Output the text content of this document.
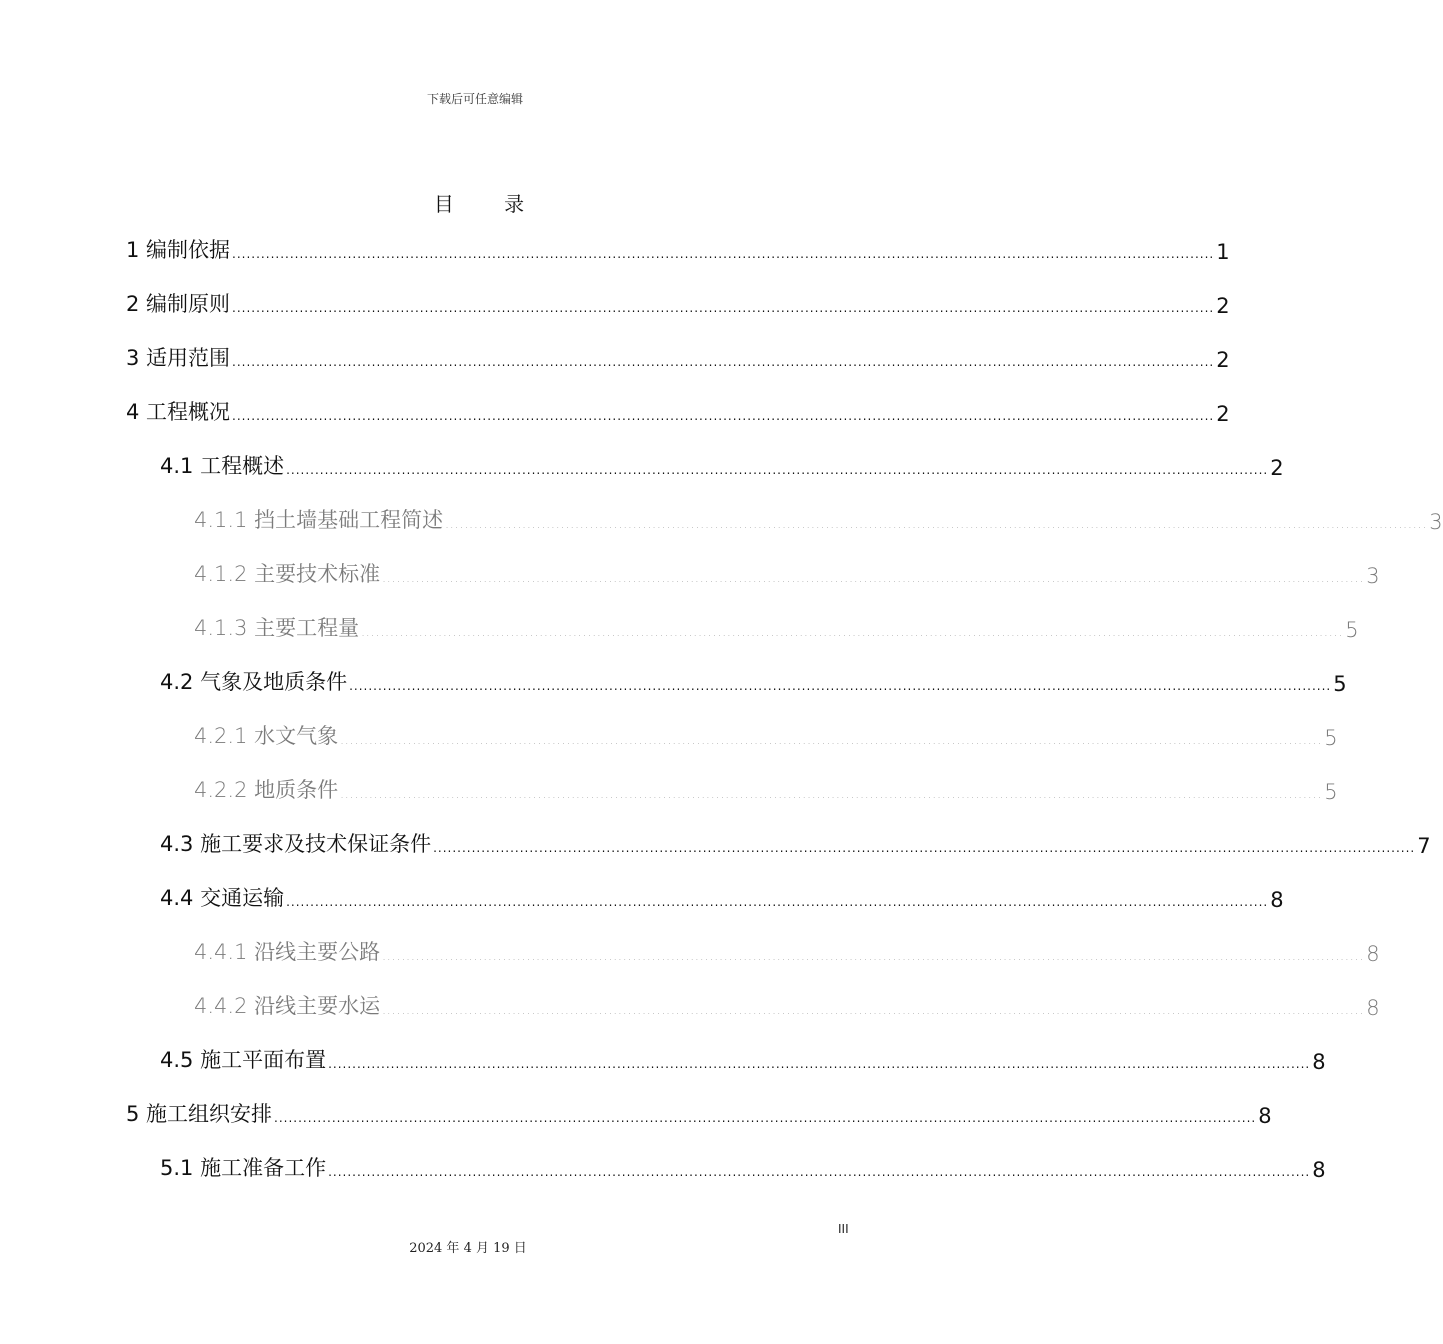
下载后可任意编辑
目 录
1 编制依据 ............................................................................................................................................................................................................ 1
2 编制原则 ............................................................................................................................................................................................................ 2
3 适用范围 ............................................................................................................................................................................................................ 2
4 工程概况 ............................................................................................................................................................................................................ 2
4.1 工程概述 ............................................................................................................................................................................................................ 2
4.1.1 挡土墙基础工程简述 ............................................................................................................................................................................................................ 3
4.1.2 主要技术标准 ............................................................................................................................................................................................................ 3
4.1.3 主要工程量 ............................................................................................................................................................................................................ 5
4.2 气象及地质条件 ............................................................................................................................................................................................................ 5
4.2.1 水文气象 ............................................................................................................................................................................................................ 5
4.2.2 地质条件 ............................................................................................................................................................................................................ 5
4.3 施工要求及技术保证条件 ............................................................................................................................................................................................................ 7
4.4 交通运输 ............................................................................................................................................................................................................ 8
4.4.1 沿线主要公路 ............................................................................................................................................................................................................ 8
4.4.2 沿线主要水运 ............................................................................................................................................................................................................ 8
4.5 施工平面布置 ............................................................................................................................................................................................................ 8
5 施工组织安排 ............................................................................................................................................................................................................ 8
5.1 施工准备工作 ............................................................................................................................................................................................................ 8
III
2024 年 4 月 19 日
